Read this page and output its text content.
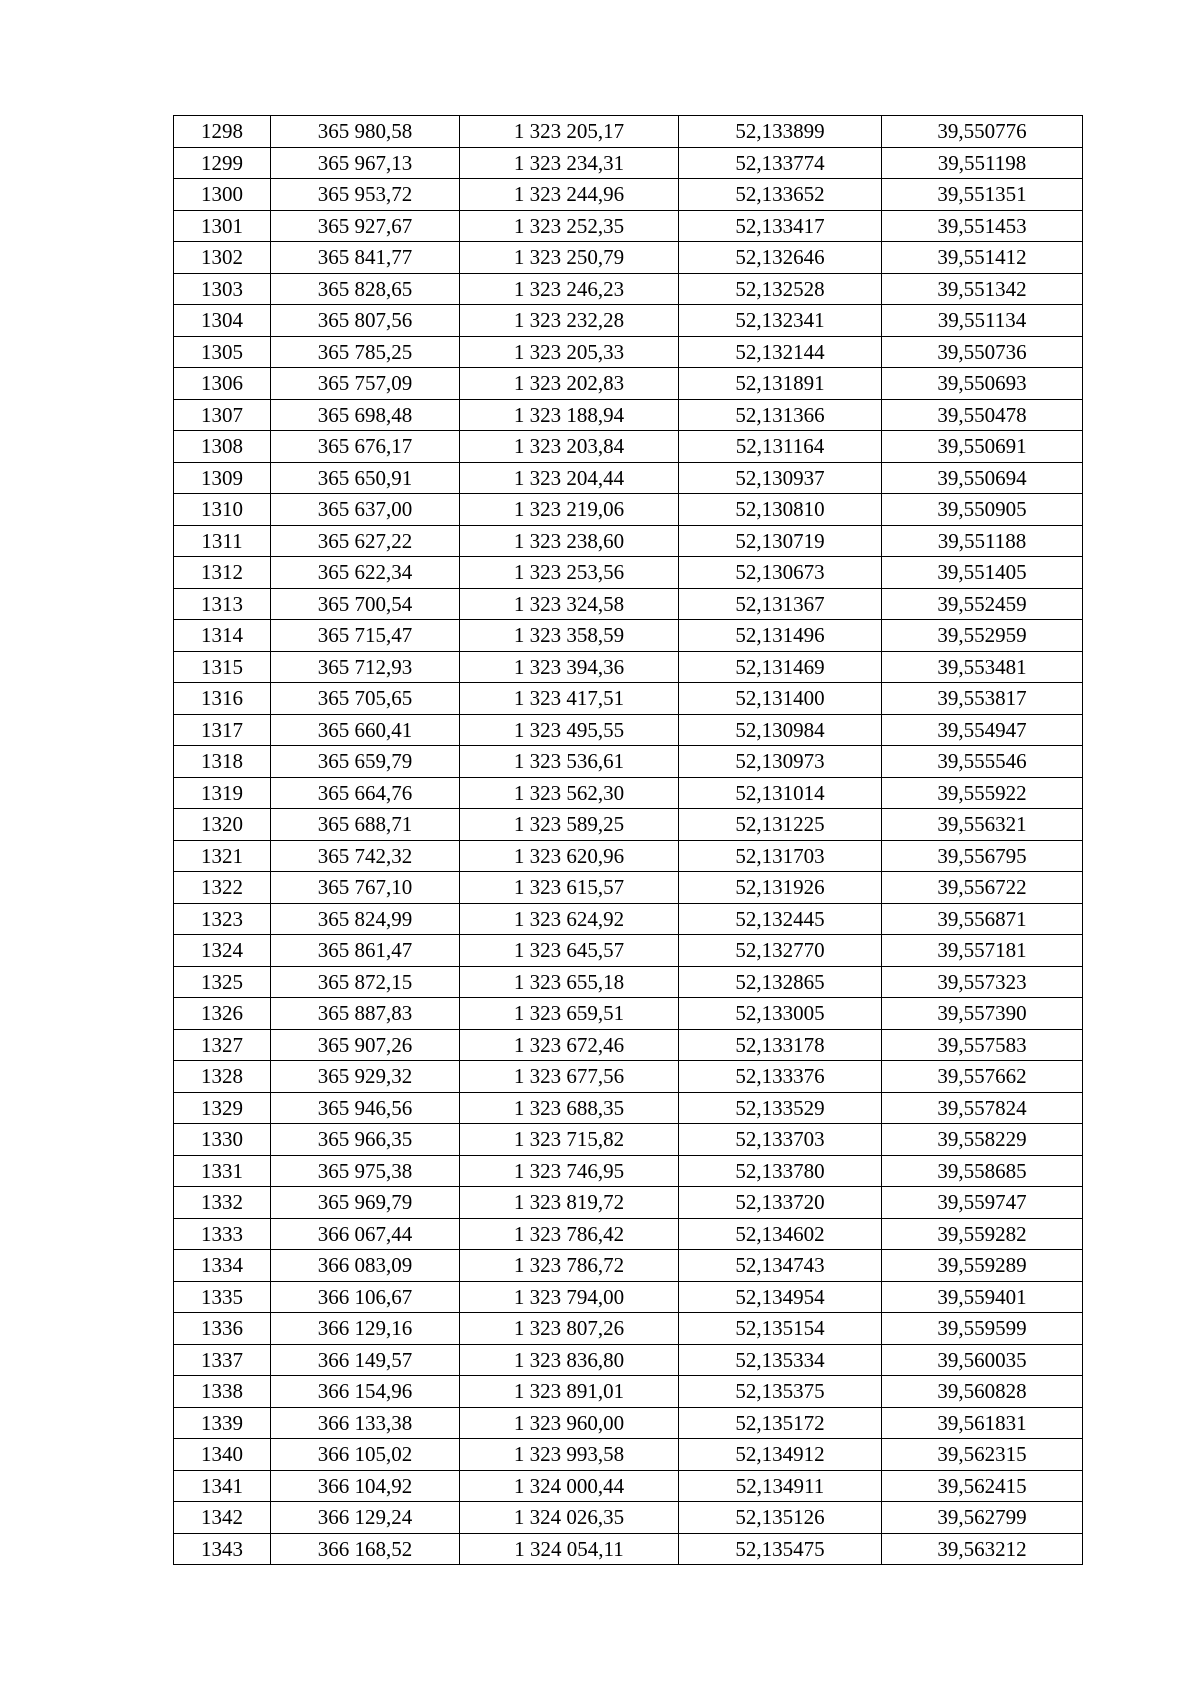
1298	365 980,58	1 323 205,17	52,133899	39,550776
1299	365 967,13	1 323 234,31	52,133774	39,551198
1300	365 953,72	1 323 244,96	52,133652	39,551351
1301	365 927,67	1 323 252,35	52,133417	39,551453
1302	365 841,77	1 323 250,79	52,132646	39,551412
1303	365 828,65	1 323 246,23	52,132528	39,551342
1304	365 807,56	1 323 232,28	52,132341	39,551134
1305	365 785,25	1 323 205,33	52,132144	39,550736
1306	365 757,09	1 323 202,83	52,131891	39,550693
1307	365 698,48	1 323 188,94	52,131366	39,550478
1308	365 676,17	1 323 203,84	52,131164	39,550691
1309	365 650,91	1 323 204,44	52,130937	39,550694
1310	365 637,00	1 323 219,06	52,130810	39,550905
1311	365 627,22	1 323 238,60	52,130719	39,551188
1312	365 622,34	1 323 253,56	52,130673	39,551405
1313	365 700,54	1 323 324,58	52,131367	39,552459
1314	365 715,47	1 323 358,59	52,131496	39,552959
1315	365 712,93	1 323 394,36	52,131469	39,553481
1316	365 705,65	1 323 417,51	52,131400	39,553817
1317	365 660,41	1 323 495,55	52,130984	39,554947
1318	365 659,79	1 323 536,61	52,130973	39,555546
1319	365 664,76	1 323 562,30	52,131014	39,555922
1320	365 688,71	1 323 589,25	52,131225	39,556321
1321	365 742,32	1 323 620,96	52,131703	39,556795
1322	365 767,10	1 323 615,57	52,131926	39,556722
1323	365 824,99	1 323 624,92	52,132445	39,556871
1324	365 861,47	1 323 645,57	52,132770	39,557181
1325	365 872,15	1 323 655,18	52,132865	39,557323
1326	365 887,83	1 323 659,51	52,133005	39,557390
1327	365 907,26	1 323 672,46	52,133178	39,557583
1328	365 929,32	1 323 677,56	52,133376	39,557662
1329	365 946,56	1 323 688,35	52,133529	39,557824
1330	365 966,35	1 323 715,82	52,133703	39,558229
1331	365 975,38	1 323 746,95	52,133780	39,558685
1332	365 969,79	1 323 819,72	52,133720	39,559747
1333	366 067,44	1 323 786,42	52,134602	39,559282
1334	366 083,09	1 323 786,72	52,134743	39,559289
1335	366 106,67	1 323 794,00	52,134954	39,559401
1336	366 129,16	1 323 807,26	52,135154	39,559599
1337	366 149,57	1 323 836,80	52,135334	39,560035
1338	366 154,96	1 323 891,01	52,135375	39,560828
1339	366 133,38	1 323 960,00	52,135172	39,561831
1340	366 105,02	1 323 993,58	52,134912	39,562315
1341	366 104,92	1 324 000,44	52,134911	39,562415
1342	366 129,24	1 324 026,35	52,135126	39,562799
1343	366 168,52	1 324 054,11	52,135475	39,563212
